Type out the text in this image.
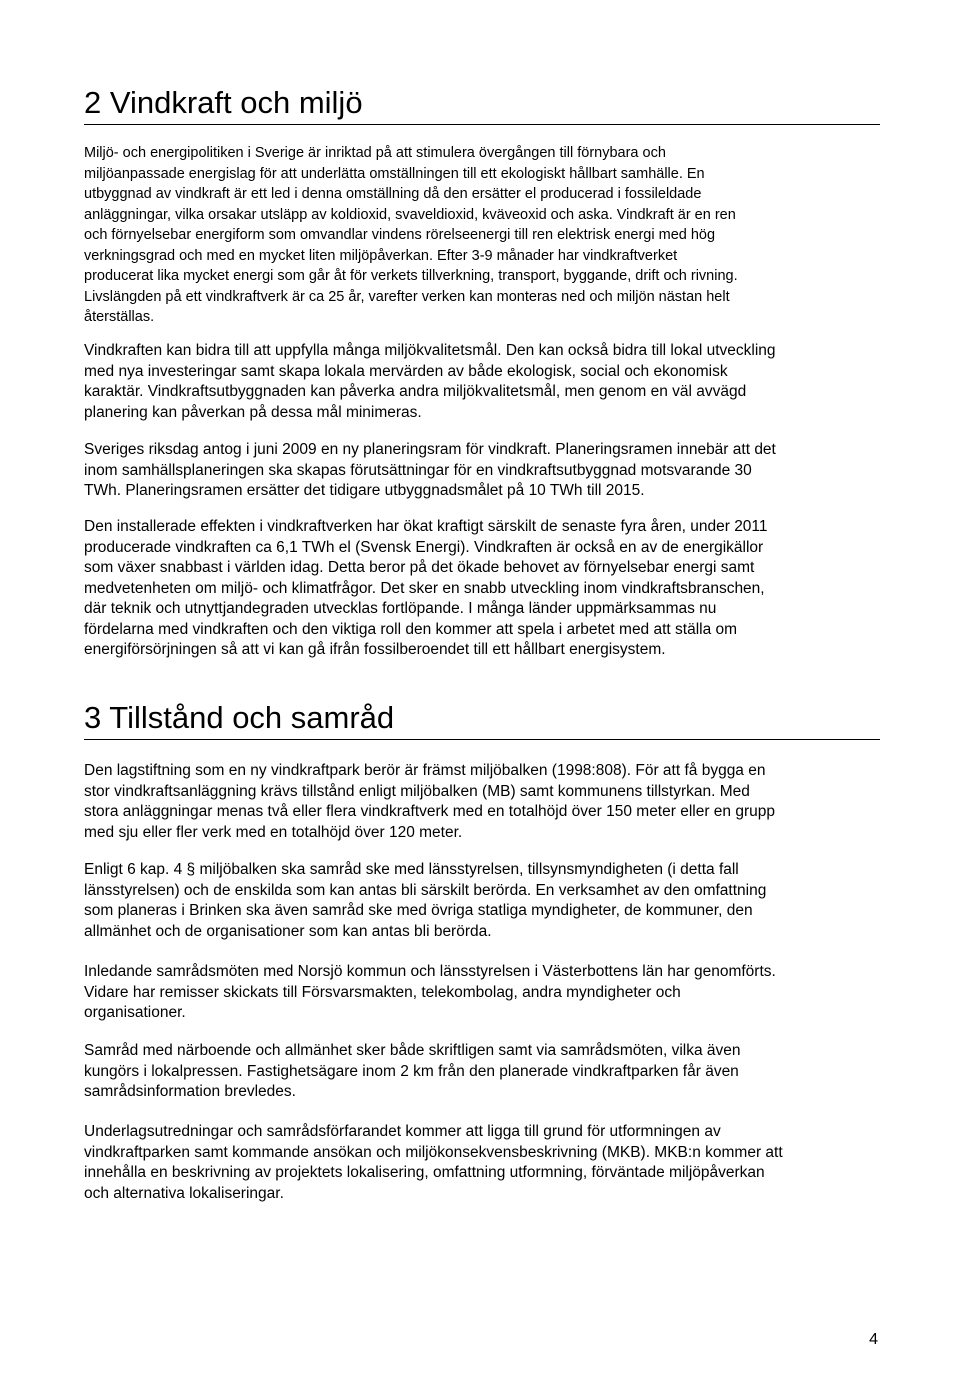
2 Vindkraft och miljö

Miljö- och energipolitiken i Sverige är inriktad på att stimulera övergången till förnybara och
miljöanpassade energislag för att underlätta omställningen till ett ekologiskt hållbart samhälle. En
utbyggnad av vindkraft är ett led i denna omställning då den ersätter el producerad i fossileldade
anläggningar, vilka orsakar utsläpp av koldioxid, svaveldioxid, kväveoxid och aska. Vindkraft är en ren
och förnyelsebar energiform som omvandlar vindens rörelseenergi till ren elektrisk energi med hög
verkningsgrad och med en mycket liten miljöpåverkan. Efter 3-9 månader har vindkraftverket
producerat lika mycket energi som går åt för verkets tillverkning, transport, byggande, drift och rivning.
Livslängden på ett vindkraftverk är ca 25 år, varefter verken kan monteras ned och miljön nästan helt
återställas.

Vindkraften kan bidra till att uppfylla många miljökvalitetsmål. Den kan också bidra till lokal utveckling
med nya investeringar samt skapa lokala mervärden av både ekologisk, social och ekonomisk
karaktär. Vindkraftsutbyggnaden kan påverka andra miljökvalitetsmål, men genom en väl avvägd
planering kan påverkan på dessa mål minimeras.

Sveriges riksdag antog i juni 2009 en ny planeringsram för vindkraft. Planeringsramen innebär att det
inom samhällsplaneringen ska skapas förutsättningar för en vindkraftsutbyggnad motsvarande 30
TWh. Planeringsramen ersätter det tidigare utbyggnadsmålet på 10 TWh till 2015.

Den installerade effekten i vindkraftverken har ökat kraftigt särskilt de senaste fyra åren, under 2011
producerade vindkraften ca 6,1 TWh el (Svensk Energi). Vindkraften är också en av de energikällor
som växer snabbast i världen idag. Detta beror på det ökade behovet av förnyelsebar energi samt
medvetenheten om miljö- och klimatfrågor. Det sker en snabb utveckling inom vindkraftsbranschen,
där teknik och utnyttjandegraden utvecklas fortlöpande. I många länder uppmärksammas nu
fördelarna med vindkraften och den viktiga roll den kommer att spela i arbetet med att ställa om
energiförsörjningen så att vi kan gå ifrån fossilberoendet till ett hållbart energisystem.

3 Tillstånd och samråd

Den lagstiftning som en ny vindkraftpark berör är främst miljöbalken (1998:808). För att få bygga en
stor vindkraftsanläggning krävs tillstånd enligt miljöbalken (MB) samt kommunens tillstyrkan. Med
stora anläggningar menas två eller flera vindkraftverk med en totalhöjd över 150 meter eller en grupp
med sju eller fler verk med en totalhöjd över 120 meter.

Enligt 6 kap. 4 § miljöbalken ska samråd ske med länsstyrelsen, tillsynsmyndigheten (i detta fall
länsstyrelsen) och de enskilda som kan antas bli särskilt berörda. En verksamhet av den omfattning
som planeras i Brinken ska även samråd ske med övriga statliga myndigheter, de kommuner, den
allmänhet och de organisationer som kan antas bli berörda.

Inledande samrådsmöten med Norsjö kommun och länsstyrelsen i Västerbottens län har genomförts.
Vidare har remisser skickats till Försvarsmakten, telekombolag, andra myndigheter och
organisationer.

Samråd med närboende och allmänhet sker både skriftligen samt via samrådsmöten, vilka även
kungörs i lokalpressen. Fastighetsägare inom 2 km från den planerade vindkraftparken får även
samrådsinformation brevledes.

Underlagsutredningar och samrådsförfarandet kommer att ligga till grund för utformningen av
vindkraftparken samt kommande ansökan och miljökonsekvensbeskrivning (MKB). MKB:n kommer att
innehålla en beskrivning av projektets lokalisering, omfattning utformning, förväntade miljöpåverkan
och alternativa lokaliseringar.

4
